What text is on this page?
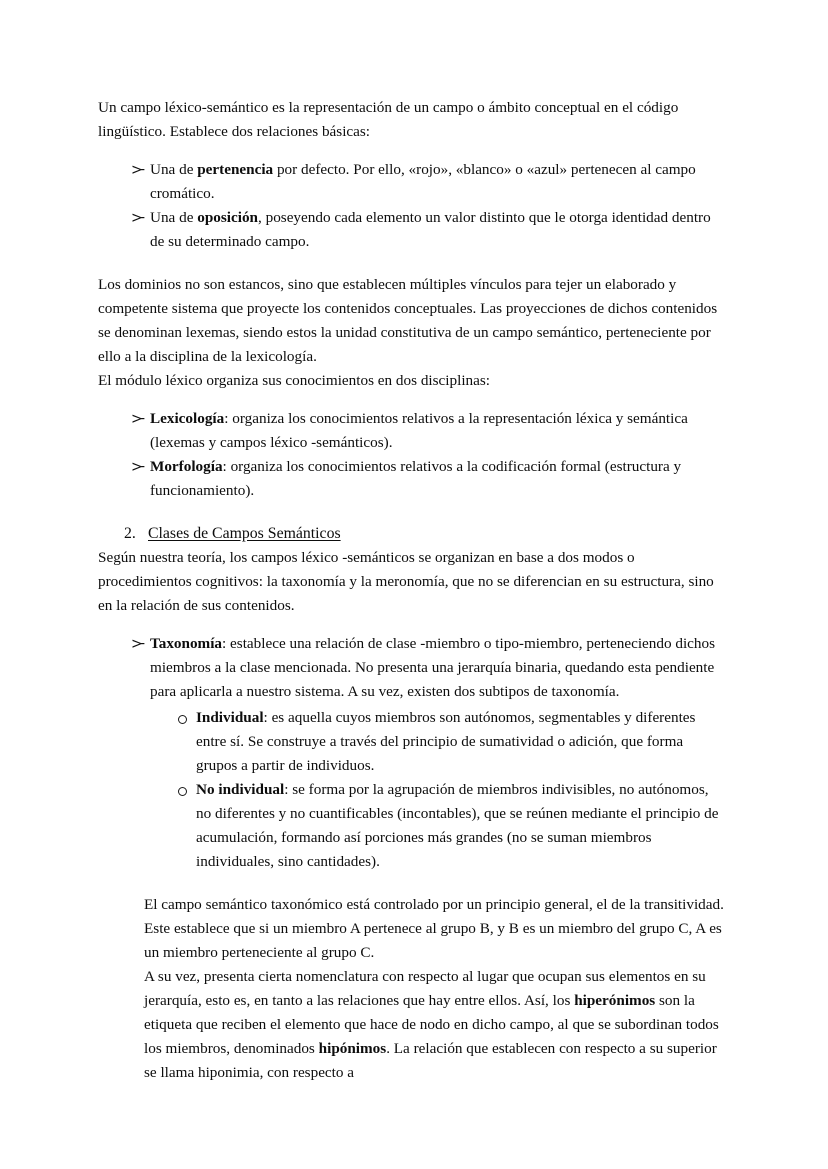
Un campo léxico-semántico es la representación de un campo o ámbito conceptual en el código lingüístico. Establece dos relaciones básicas:

Una de pertenencia por defecto. Por ello, «rojo», «blanco» o «azul» pertenecen al campo cromático.
Una de oposición, poseyendo cada elemento un valor distinto que le otorga identidad dentro de su determinado campo.

Los dominios no son estancos, sino que establecen múltiples vínculos para tejer un elaborado y competente sistema que proyecte los contenidos conceptuales. Las proyecciones de dichos contenidos se denominan lexemas, siendo estos la unidad constitutiva de un campo semántico, perteneciente por ello a la disciplina de la lexicología.

El módulo léxico organiza sus conocimientos en dos disciplinas:

Lexicología: organiza los conocimientos relativos a la representación léxica y semántica (lexemas y campos léxico -semánticos).
Morfología: organiza los conocimientos relativos a la codificación formal (estructura y funcionamiento).
2. Clases de Campos Semánticos

Según nuestra teoría, los campos léxico -semánticos se organizan en base a dos modos o procedimientos cognitivos: la taxonomía y la meronomía, que no se diferencian en su estructura, sino en la relación de sus contenidos.

Taxonomía: establece una relación de clase -miembro o tipo-miembro, perteneciendo dichos miembros a la clase mencionada. No presenta una jerarquía binaria, quedando esta pendiente para aplicarla a nuestro sistema. A su vez, existen dos subtipos de taxonomía.
Individual: es aquella cuyos miembros son autónomos, segmentables y diferentes entre sí. Se construye a través del principio de sumatividad o adición, que forma grupos a partir de individuos.
No individual: se forma por la agrupación de miembros indivisibles, no autónomos, no diferentes y no cuantificables (incontables), que se reúnen mediante el principio de acumulación, formando así porciones más grandes (no se suman miembros individuales, sino cantidades).

El campo semántico taxonómico está controlado por un principio general, el de la transitividad. Este establece que si un miembro A pertenece al grupo B, y B es un miembro del grupo C, A es un miembro perteneciente al grupo C.

A su vez, presenta cierta nomenclatura con respecto al lugar que ocupan sus elementos en su jerarquía, esto es, en tanto a las relaciones que hay entre ellos. Así, los hiperónimos son la etiqueta que reciben el elemento que hace de nodo en dicho campo, al que se subordinan todos los miembros, denominados hipónimos. La relación que establecen con respecto a su superior se llama hiponimia, con respecto a
